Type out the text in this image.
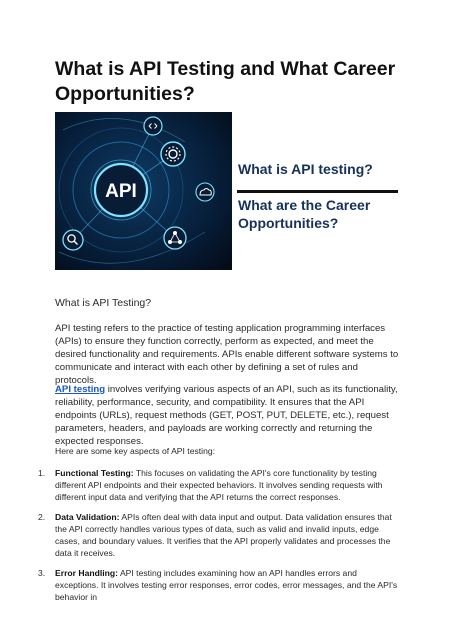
What is API Testing and What Career Opportunities?
API
What is API testing?
What are the Career Opportunities?
What is API Testing?

API testing refers to the practice of testing application programming interfaces (APIs) to ensure they function correctly, perform as expected, and meet the desired functionality and requirements. APIs enable different software systems to communicate and interact with each other by defining a set of rules and protocols.

API testing involves verifying various aspects of an API, such as its functionality, reliability, performance, security, and compatibility. It ensures that the API endpoints (URLs), request methods (GET, POST, PUT, DELETE, etc.), request parameters, headers, and payloads are working correctly and returning the expected responses.

Here are some key aspects of API testing:
1. Functional Testing: This focuses on validating the API's core functionality by testing different API endpoints and their expected behaviors. It involves sending requests with different input data and verifying that the API returns the correct responses.
2. Data Validation: APIs often deal with data input and output. Data validation ensures that the API correctly handles various types of data, such as valid and invalid inputs, edge cases, and boundary values. It verifies that the API properly validates and processes the data it receives.
3. Error Handling: API testing includes examining how an API handles errors and exceptions. It involves testing error responses, error codes, error messages, and the API's behavior in
